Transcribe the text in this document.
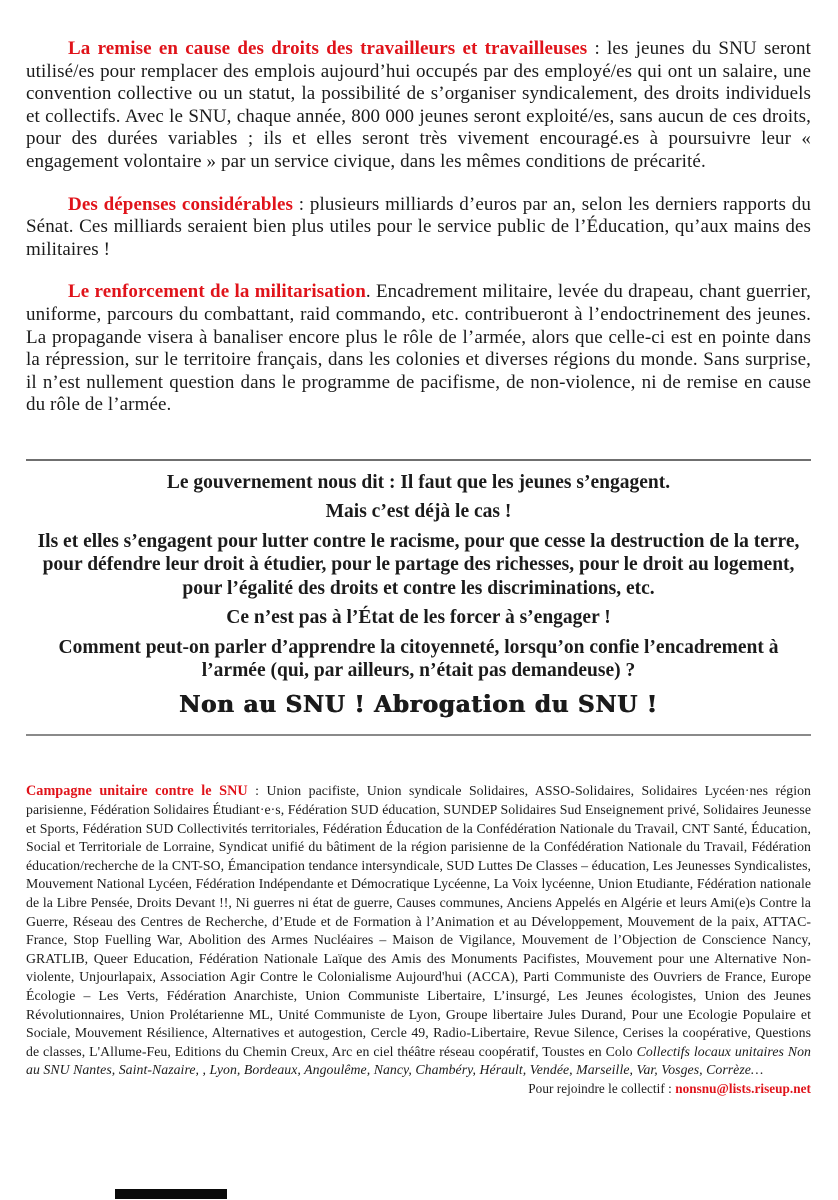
La remise en cause des droits des travailleurs et travailleuses : les jeunes du SNU seront utilisé/es pour remplacer des emplois aujourd’hui occupés par des employé/es qui ont un salaire, une convention collective ou un statut, la possibilité de s’organiser syndicalement, des droits individuels et collectifs. Avec le SNU, chaque année, 800 000 jeunes seront exploité/es, sans aucun de ces droits, pour des durées variables ; ils et elles seront très vivement encouragé.es à poursuivre leur « engagement volontaire » par un service civique, dans les mêmes conditions de précarité.

Des dépenses considérables : plusieurs milliards d’euros par an, selon les derniers rapports du Sénat. Ces milliards seraient bien plus utiles pour le service public de l’Éducation, qu’aux mains des militaires !

Le renforcement de la militarisation. Encadrement militaire, levée du drapeau, chant guerrier, uniforme, parcours du combattant, raid commando, etc. contribueront à l’endoctrinement des jeunes. La propagande visera à banaliser encore plus le rôle de l’armée, alors que celle-ci est en pointe dans la répression, sur le territoire français, dans les colonies et diverses régions du monde. Sans surprise, il n’est nullement question dans le programme de pacifisme, de non-violence, ni de remise en cause du rôle de l’armée.

Le gouvernement nous dit : Il faut que les jeunes s’engagent.
Mais c’est déjà le cas !
Ils et elles s’engagent pour lutter contre le racisme, pour que cesse la destruction de la terre, pour défendre leur droit à étudier, pour le partage des richesses, pour le droit au logement, pour l’égalité des droits et contre les discriminations, etc.
Ce n’est pas à l’État de les forcer à s’engager !
Comment peut-on parler d’apprendre la citoyenneté, lorsqu’on confie l’encadrement à l’armée (qui, par ailleurs, n’était pas demandeuse) ?
Non au SNU ! Abrogation du SNU !

Campagne unitaire contre le SNU : Union pacifiste, Union syndicale Solidaires, ASSO-Solidaires, Solidaires Lycéen·nes région parisienne, Fédération Solidaires Étudiant·e·s, Fédération SUD éducation, SUNDEP Solidaires Sud Enseignement privé, Solidaires Jeunesse et Sports, Fédération SUD Collectivités territoriales, Fédération Éducation de la Confédération Nationale du Travail, CNT Santé, Éducation, Social et Territoriale de Lorraine, Syndicat unifié du bâtiment de la région parisienne de la Confédération Nationale du Travail, Fédération éducation/recherche de la CNT-SO, Émancipation tendance intersyndicale, SUD Luttes De Classes – éducation, Les Jeunesses Syndicalistes, Mouvement National Lycéen, Fédération Indépendante et Démocratique Lycéenne, La Voix lycéenne, Union Etudiante, Fédération nationale de la Libre Pensée, Droits Devant !!, Ni guerres ni état de guerre, Causes communes, Anciens Appelés en Algérie et leurs Ami(e)s Contre la Guerre, Réseau des Centres de Recherche, d’Etude et de Formation à l’Animation et au Développement, Mouvement de la paix, ATTAC-France, Stop Fuelling War, Abolition des Armes Nucléaires – Maison de Vigilance, Mouvement de l’Objection de Conscience Nancy, GRATLIB, Queer Education, Fédération Nationale Laïque des Amis des Monuments Pacifistes, Mouvement pour une Alternative Non-violente, Unjourlapaix, Association Agir Contre le Colonialisme Aujourd'hui (ACCA), Parti Communiste des Ouvriers de France, Europe Écologie – Les Verts, Fédération Anarchiste, Union Communiste Libertaire, L’insurgé, Les Jeunes écologistes, Union des Jeunes Révolutionnaires, Union Prolétarienne ML, Unité Communiste de Lyon, Groupe libertaire Jules Durand, Pour une Ecologie Populaire et Sociale, Mouvement Résilience, Alternatives et autogestion, Cercle 49, Radio-Libertaire, Revue Silence, Cerises la coopérative, Questions de classes, L'Allume-Feu, Editions du Chemin Creux, Arc en ciel théâtre réseau coopératif, Toustes en Colo Collectifs locaux unitaires Non au SNU Nantes, Saint-Nazaire, , Lyon, Bordeaux, Angoulême, Nancy, Chambéry, Hérault, Vendée, Marseille, Var, Vosges, Corrèze…
Pour rejoindre le collectif : nonsnu@lists.riseup.net
